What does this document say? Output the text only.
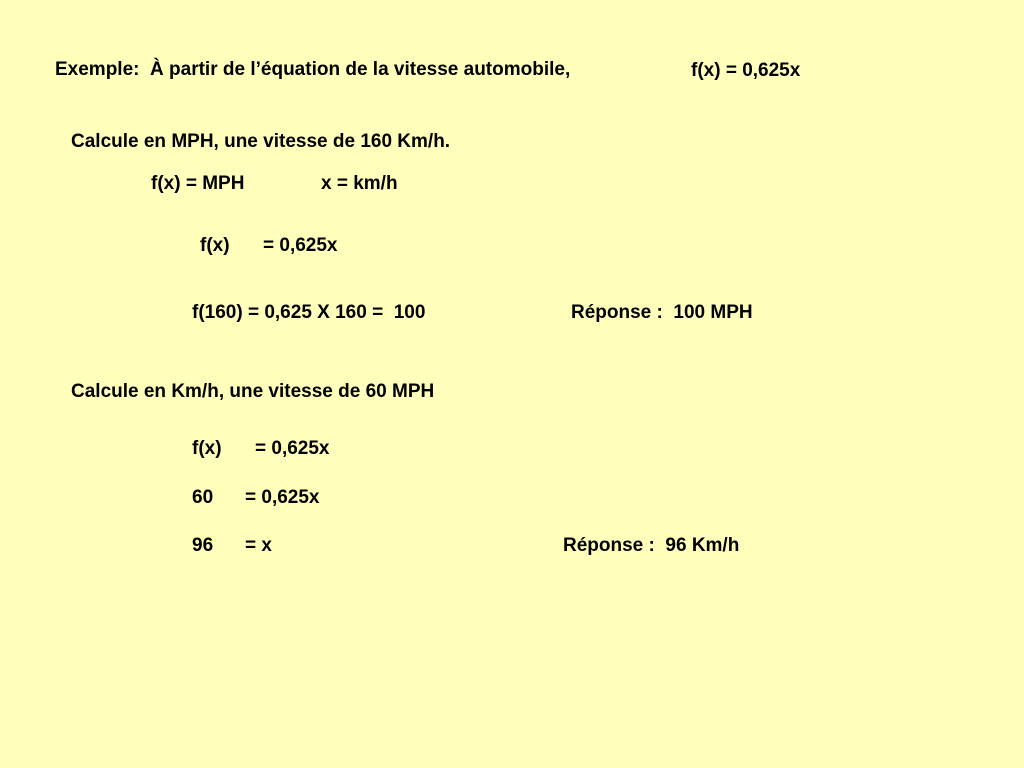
Exemple:  À partir de l’équation de la vitesse automobile,	f(x) = 0,625x
Calcule en MPH, une vitesse de 160 Km/h.
f(x) = MPH	x = km/h
f(x) = 0,625x
f(160) = 0,625 X 160 =  100	Réponse :  100 MPH
Calcule en Km/h, une vitesse de 60 MPH
f(x) = 0,625x
60 = 0,625x
96 = x	Réponse :  96 Km/h
